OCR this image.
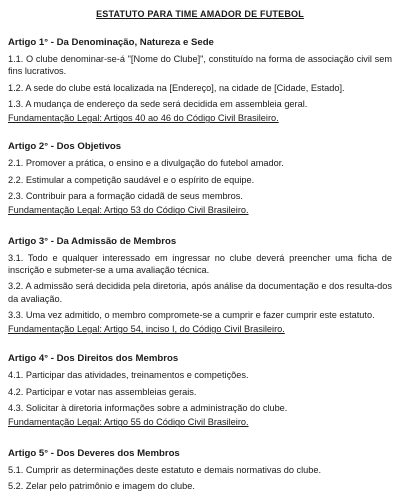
ESTATUTO PARA TIME AMADOR DE FUTEBOL
Artigo 1° - Da Denominação, Natureza e Sede

1.1. O clube denominar-se-á "[Nome do Clube]", constituído na forma de associação civil sem fins lucrativos.

1.2. A sede do clube está localizada na [Endereço], na cidade de [Cidade, Estado].

1.3. A mudança de endereço da sede será decidida em assembleia geral.

Fundamentação Legal: Artigos 40 ao 46 do Código Civil Brasileiro.

Artigo 2° - Dos Objetivos

2.1. Promover a prática, o ensino e a divulgação do futebol amador.

2.2. Estimular a competição saudável e o espírito de equipe.

2.3. Contribuir para a formação cidadã de seus membros.

Fundamentação Legal: Artigo 53 do Código Civil Brasileiro.

Artigo 3° - Da Admissão de Membros

3.1. Todo e qualquer interessado em ingressar no clube deverá preencher uma ficha de inscrição e submeter-se a uma avaliação técnica.

3.2. A admissão será decidida pela diretoria, após análise da documentação e dos resulta-dos da avaliação.

3.3. Uma vez admitido, o membro compromete-se a cumprir e fazer cumprir este estatuto.

Fundamentação Legal: Artigo 54, inciso I, do Código Civil Brasileiro.

Artigo 4° - Dos Direitos dos Membros

4.1. Participar das atividades, treinamentos e competições.

4.2. Participar e votar nas assembleias gerais.

4.3. Solicitar à diretoria informações sobre a administração do clube.

Fundamentação Legal: Artigo 55 do Código Civil Brasileiro.

Artigo 5° - Dos Deveres dos Membros

5.1. Cumprir as determinações deste estatuto e demais normativas do clube.

5.2. Zelar pelo patrimônio e imagem do clube.
